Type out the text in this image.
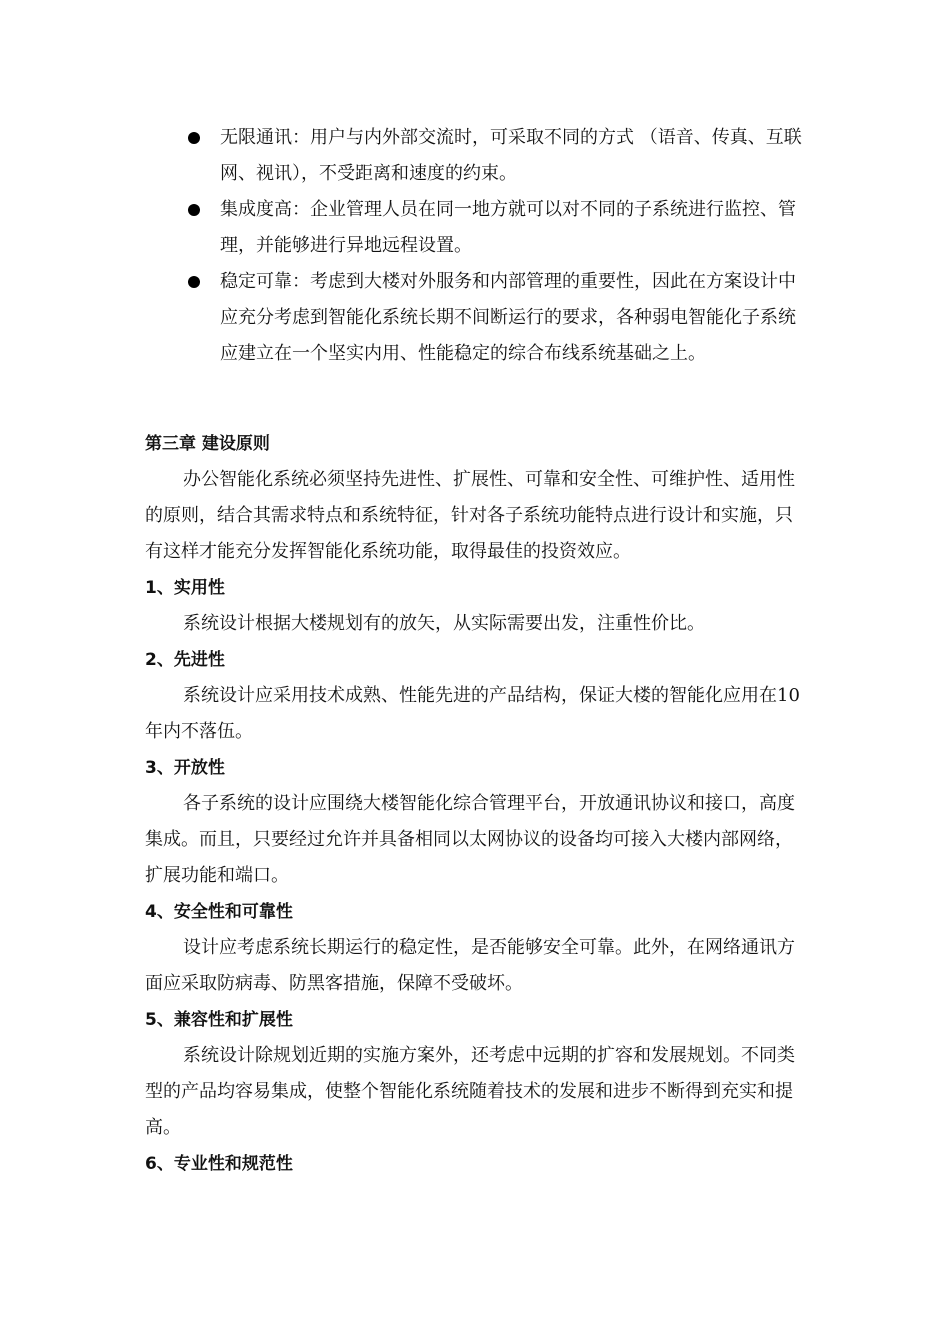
无限通讯：用户与内外部交流时，可采取不同的方式 （语音、传真、互联网、视讯），不受距离和速度的约束。
集成度高：企业管理人员在同一地方就可以对不同的子系统进行监控、管理，并能够进行异地远程设置。
稳定可靠：考虑到大楼对外服务和内部管理的重要性，因此在方案设计中应充分考虑到智能化系统长期不间断运行的要求，各种弱电智能化子系统应建立在一个坚实内用、性能稳定的综合布线系统基础之上。
第三章 建设原则

办公智能化系统必须坚持先进性、扩展性、可靠和安全性、可维护性、适用性的原则，结合其需求特点和系统特征，针对各子系统功能特点进行设计和实施，只有这样才能充分发挥智能化系统功能，取得最佳的投资效应。

1、实用性

系统设计根据大楼规划有的放矢，从实际需要出发，注重性价比。

2、先进性

系统设计应采用技术成熟、性能先进的产品结构，保证大楼的智能化应用在10年内不落伍。

3、开放性

各子系统的设计应围绕大楼智能化综合管理平台，开放通讯协议和接口，高度集成。而且，只要经过允许并具备相同以太网协议的设备均可接入大楼内部网络，扩展功能和端口。

4、安全性和可靠性

设计应考虑系统长期运行的稳定性，是否能够安全可靠。此外，在网络通讯方面应采取防病毒、防黑客措施，保障不受破坏。

5、兼容性和扩展性

系统设计除规划近期的实施方案外，还考虑中远期的扩容和发展规划。不同类型的产品均容易集成，使整个智能化系统随着技术的发展和进步不断得到充实和提高。

6、专业性和规范性
